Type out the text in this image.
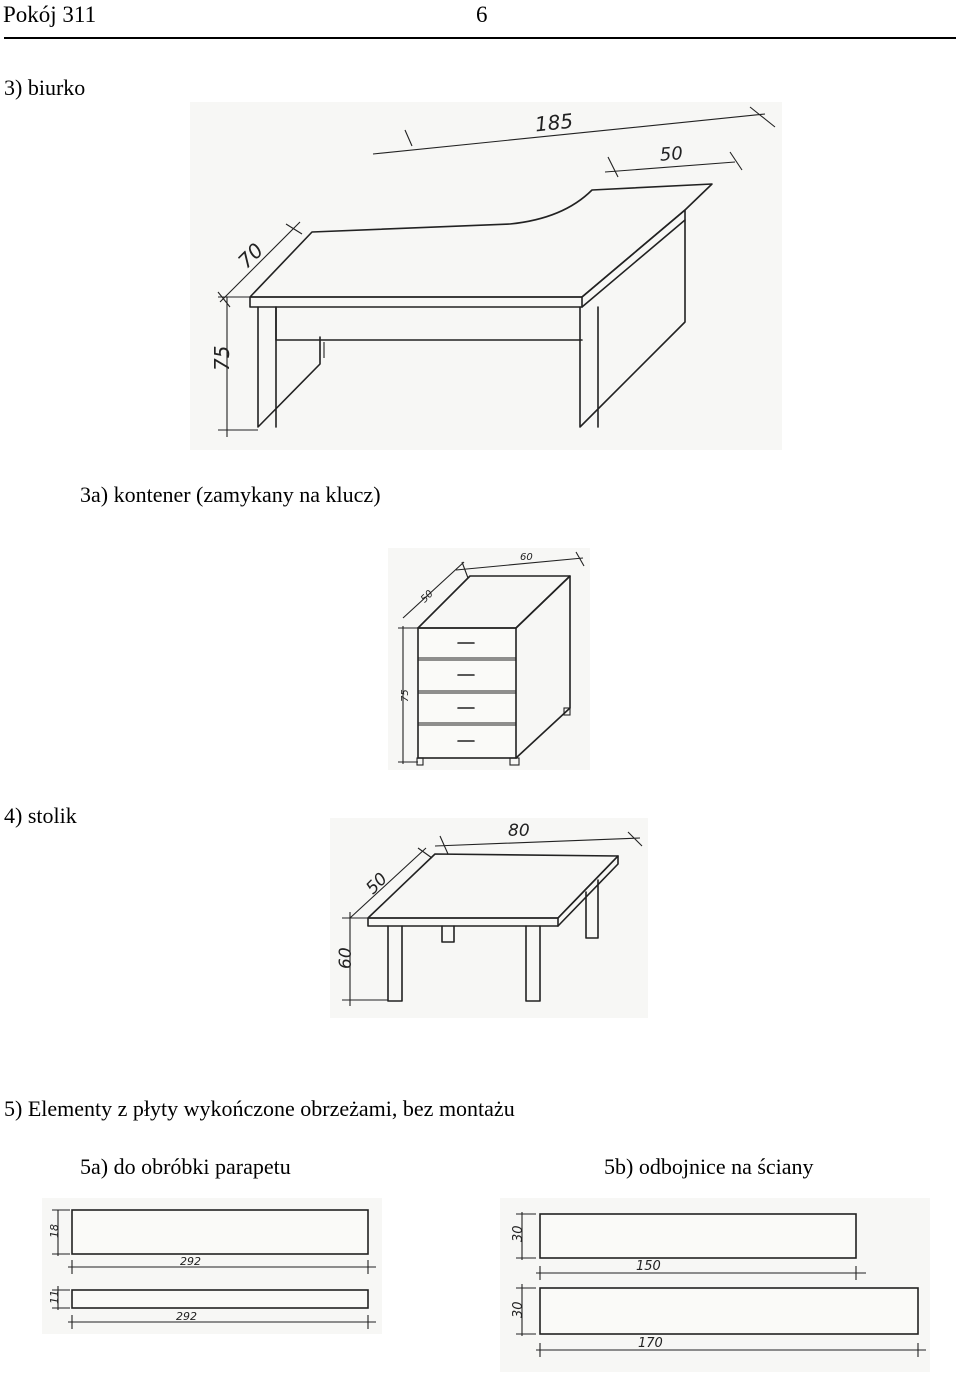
Pokój 311	6
3) biurko
185
50
70
75
3a) kontener (zamykany na klucz)
60
50
75
4) stolik
80
50
60
5) Elementy z płyty wykończone obrzeżami, bez montażu
5a) do obróbki parapetu	5b) odbojnice na ściany
18
11
292
292
30
30
150
170
